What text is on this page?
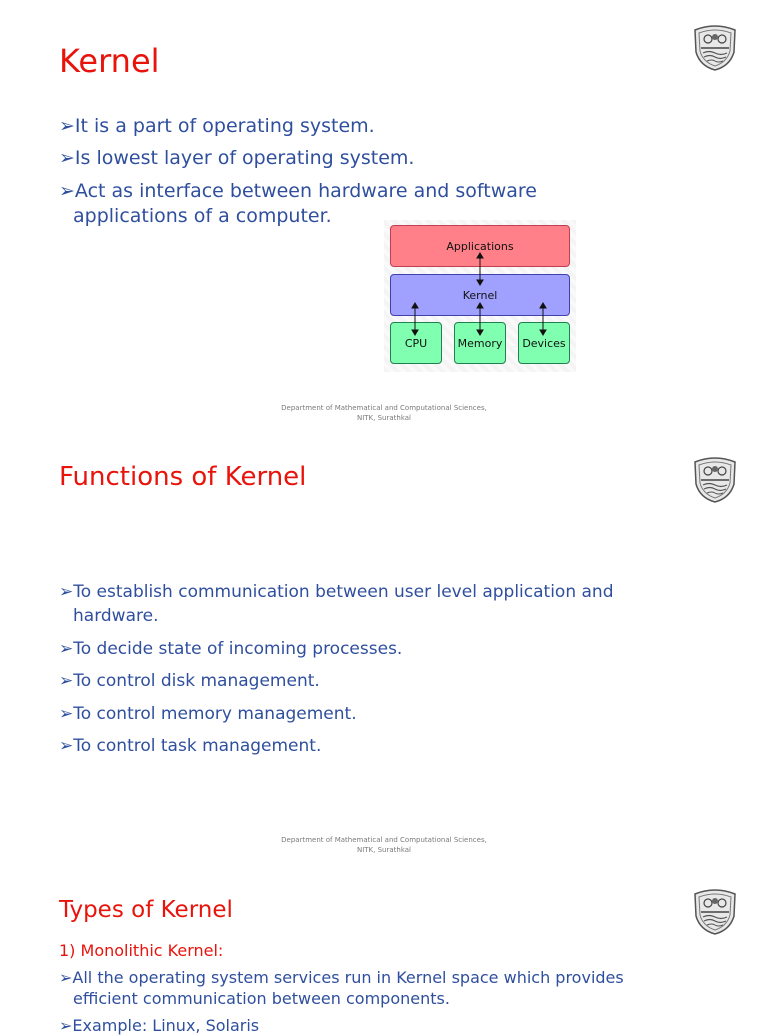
Kernel
➢It is a part of operating system.
➢Is lowest layer of operating system.
➢Act as interface between hardware and software
applications of a computer.
Applications
Kernel
CPU	Memory	Devices
Department of Mathematical and Computational Sciences,
NITK, Surathkal
Functions of Kernel
➢To establish communication between user level application and
hardware.
➢To decide state of incoming processes.
➢To control disk management.
➢To control memory management.
➢To control task management.
Department of Mathematical and Computational Sciences,
NITK, Surathkal
Types of Kernel
1) Monolithic Kernel:
➢All the operating system services run in Kernel space which provides
efficient communication between components.
➢Example: Linux, Solaris
